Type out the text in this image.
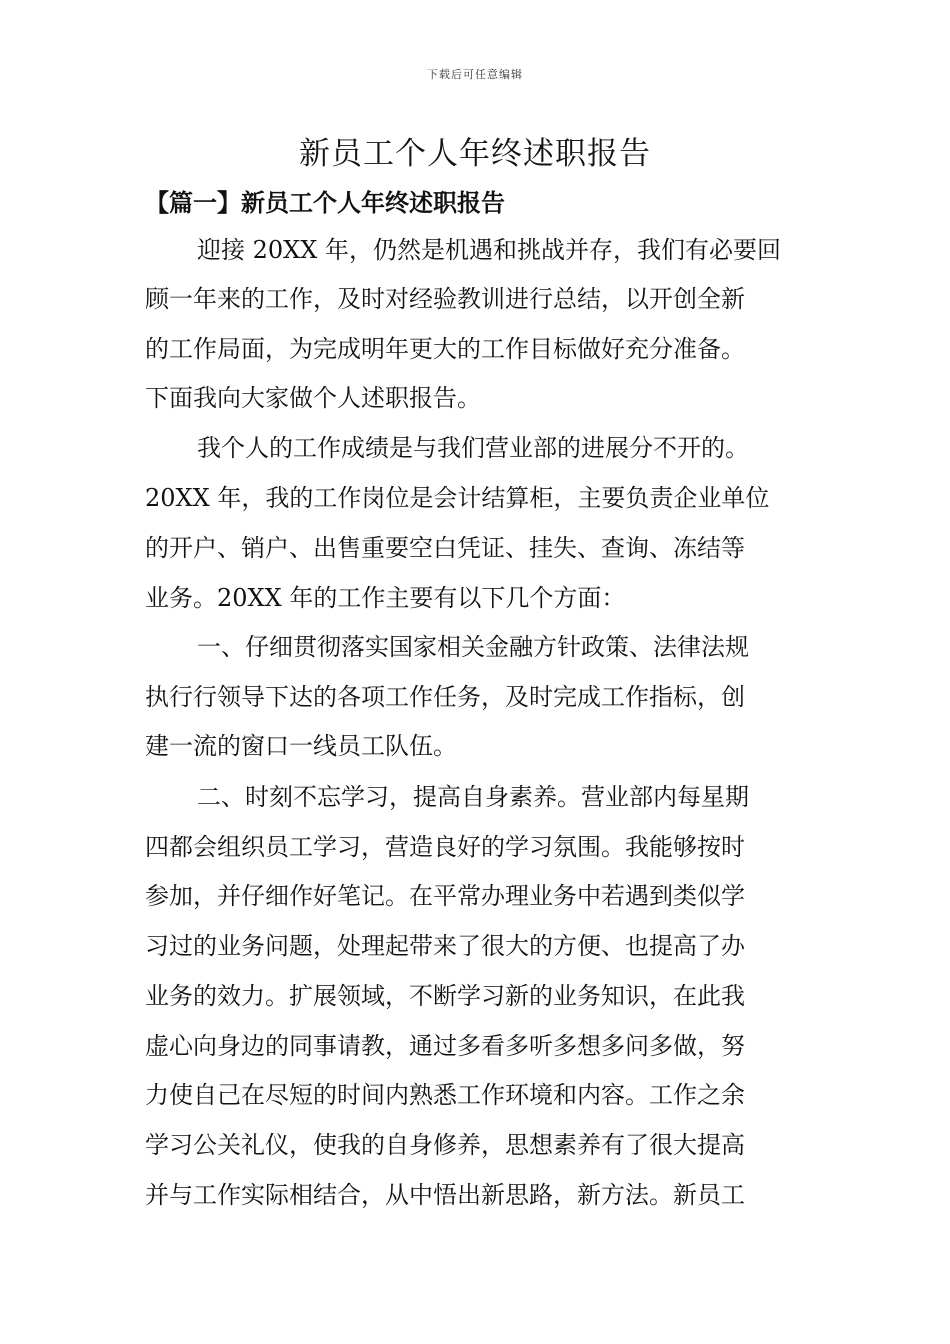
下载后可任意编辑
新员工个人年终述职报告
【篇一】新员工个人年终述职报告
迎接 20XX 年，仍然是机遇和挑战并存，我们有必要回
顾一年来的工作，及时对经验教训进行总结，以开创全新
的工作局面，为完成明年更大的工作目标做好充分准备。
下面我向大家做个人述职报告。
我个人的工作成绩是与我们营业部的进展分不开的。
20XX 年，我的工作岗位是会计结算柜，主要负责企业单位
的开户、销户、出售重要空白凭证、挂失、查询、冻结等
业务。20XX 年的工作主要有以下几个方面：
一、仔细贯彻落实国家相关金融方针政策、法律法规
执行行领导下达的各项工作任务，及时完成工作指标，创
建一流的窗口一线员工队伍。
二、时刻不忘学习，提高自身素养。营业部内每星期
四都会组织员工学习，营造良好的学习氛围。我能够按时
参加，并仔细作好笔记。在平常办理业务中若遇到类似学
习过的业务问题，处理起带来了很大的方便、也提高了办
业务的效力。扩展领域，不断学习新的业务知识，在此我
虚心向身边的同事请教，通过多看多听多想多问多做，努
力使自己在尽短的时间内熟悉工作环境和内容。工作之余
学习公关礼仪，使我的自身修养，思想素养有了很大提高
并与工作实际相结合，从中悟出新思路，新方法。新员工
